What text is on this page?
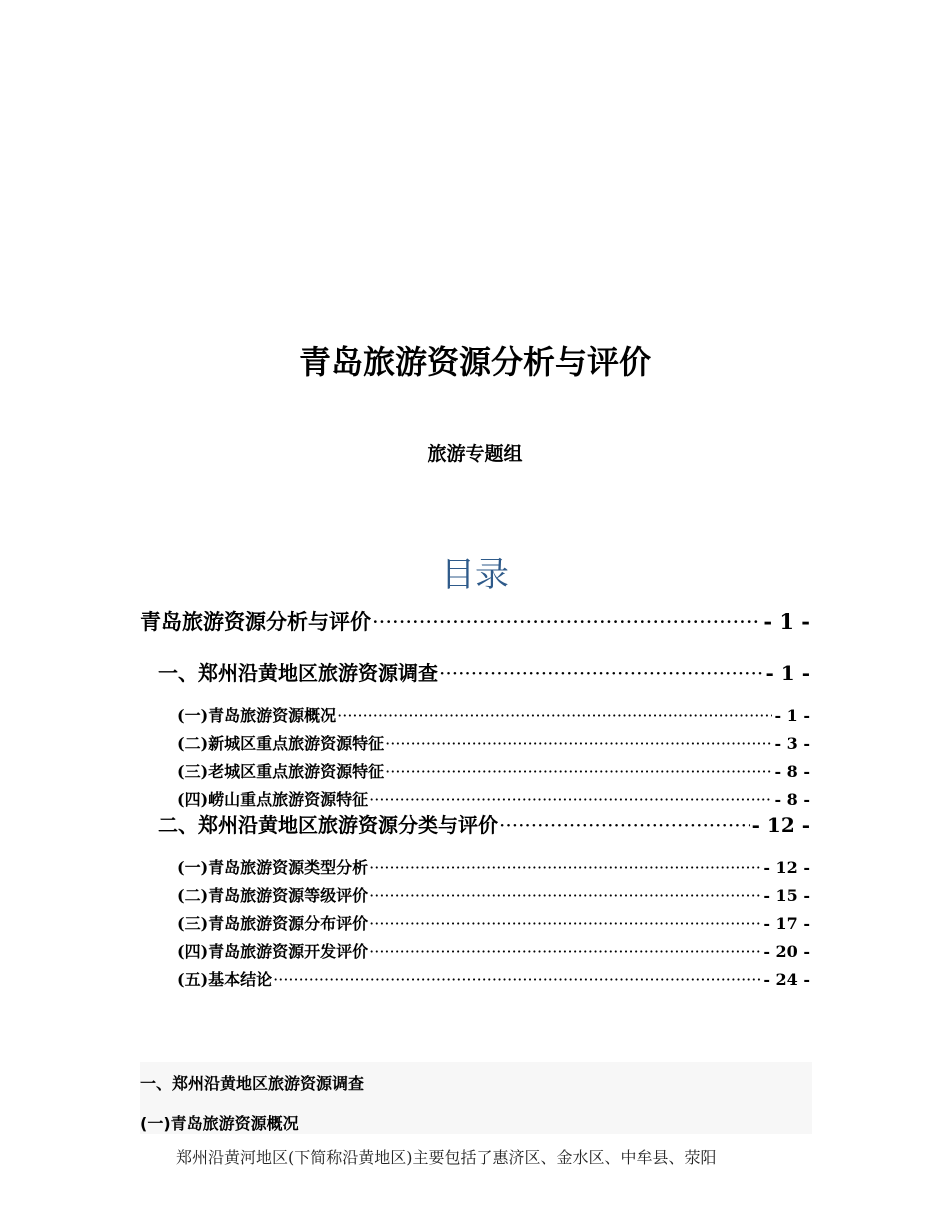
青岛旅游资源分析与评价
旅游专题组
目录
青岛旅游资源分析与评价 ·····	- 1 -
一、郑州沿黄地区旅游资源调查 ·····	- 1 -
(一)青岛旅游资源概况 ·····	- 1 -
(二)新城区重点旅游资源特征 ·····	- 3 -
(三)老城区重点旅游资源特征 ·····	- 8 -
(四)崂山重点旅游资源特征 ·····	- 8 -
二、郑州沿黄地区旅游资源分类与评价 ·····	- 12 -
(一)青岛旅游资源类型分析 ·····	- 12 -
(二)青岛旅游资源等级评价 ·····	- 15 -
(三)青岛旅游资源分布评价 ·····	- 17 -
(四)青岛旅游资源开发评价 ·····	- 20 -
(五)基本结论 ·····	- 24 -
一、郑州沿黄地区旅游资源调查
(一)青岛旅游资源概况
郑州沿黄河地区(下简称沿黄地区)主要包括了惠济区、金水区、中牟县、荥阳
